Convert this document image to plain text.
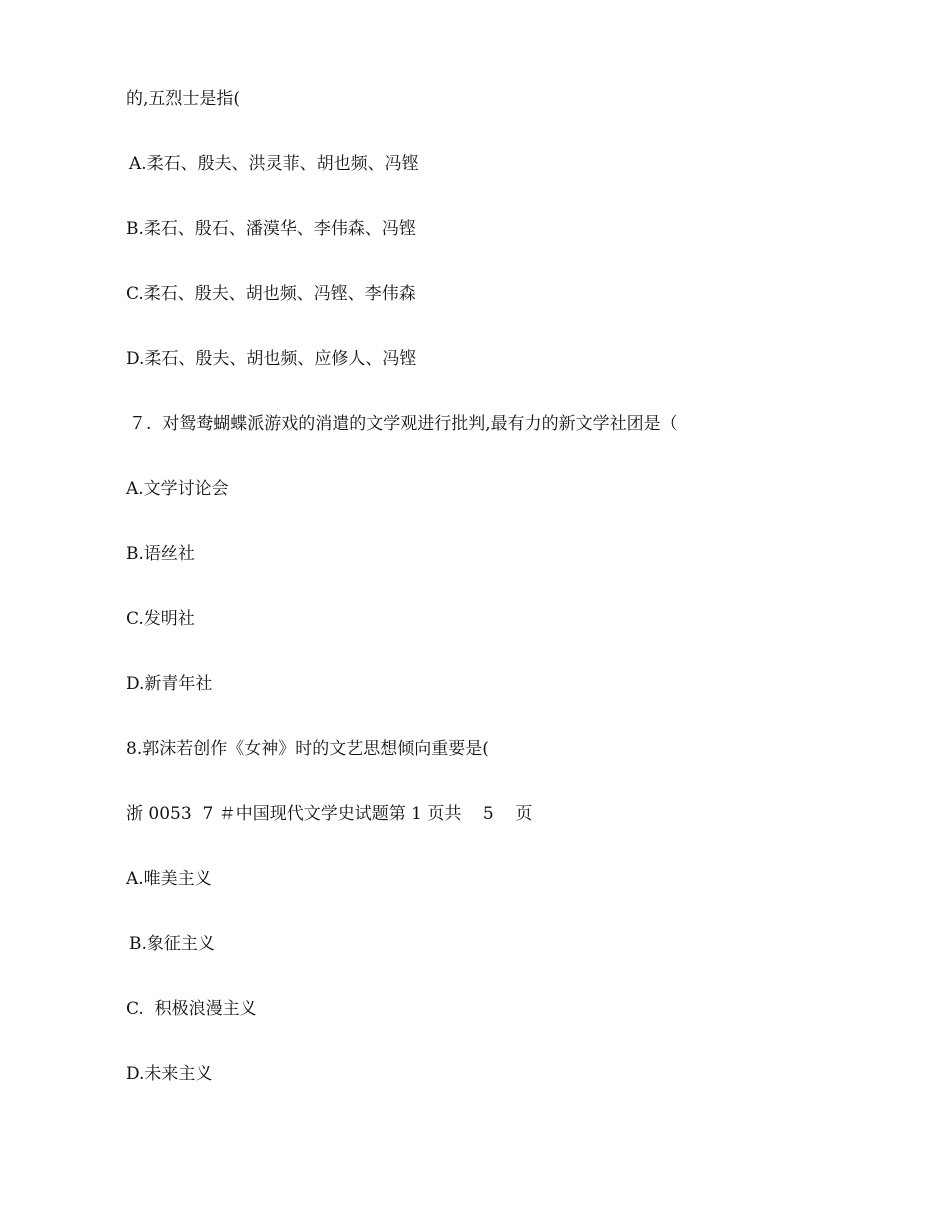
的,五烈士是指(
A.柔石、殷夫、洪灵菲、胡也频、冯铿
B.柔石、殷石、潘漠华、李伟森、冯铿
C.柔石、殷夫、胡也频、冯铿、李伟森
D.柔石、殷夫、胡也频、应修人、冯铿
７.  对鸳鸯蝴蝶派游戏的消遣的文学观进行批判,最有力的新文学社团是（
A.文学讨论会
B.语丝社
C.发明社
D.新青年社
8.郭沫若创作《女神》时的文艺思想倾向重要是(
浙 0053  7 ＃中国现代文学史试题第 1 页共    5    页
A.唯美主义
B.象征主义
C.  积极浪漫主义
D.未来主义
